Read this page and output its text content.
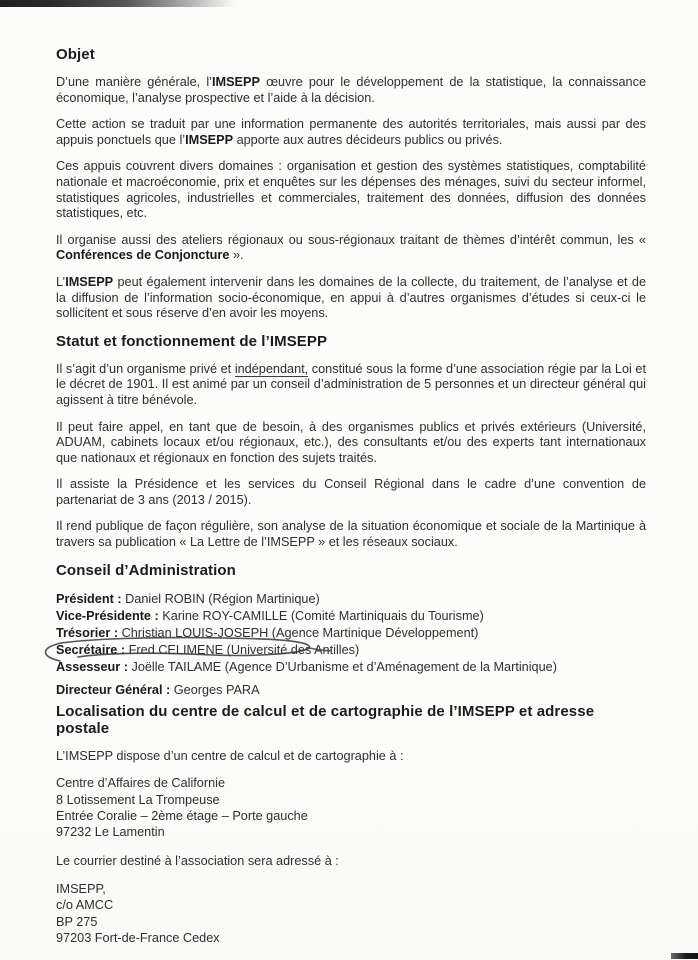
Objet

D’une manière générale, l’IMSEPP œuvre pour le développement de la statistique, la connaissance économique, l’analyse prospective et l’aide à la décision.

Cette action se traduit par une information permanente des autorités territoriales, mais aussi par des appuis ponctuels que l’IMSEPP apporte aux autres décideurs publics ou privés.

Ces appuis couvrent divers domaines : organisation et gestion des systèmes statistiques, comptabilité nationale et macroéconomie, prix et enquêtes sur les dépenses des ménages, suivi du secteur informel, statistiques agricoles, industrielles et commerciales, traitement des données, diffusion des données statistiques, etc.

Il organise aussi des ateliers régionaux ou sous-régionaux traitant de thèmes d’intérêt commun, les « Conférences de Conjoncture ».

L’IMSEPP peut également intervenir dans les domaines de la collecte, du traitement, de l’analyse et de la diffusion de l’information socio-économique, en appui à d’autres organismes d’études si ceux-ci le sollicitent et sous réserve d’en avoir les moyens.

Statut et fonctionnement de l’IMSEPP

Il s’agit d’un organisme privé et indépendant, constitué sous la forme d’une association régie par la Loi et le décret de 1901. Il est animé par un conseil d’administration de 5 personnes et un directeur général qui agissent à titre bénévole.

Il peut faire appel, en tant que de besoin, à des organismes publics et privés extérieurs (Université, ADUAM, cabinets locaux et/ou régionaux, etc.), des consultants et/ou des experts tant internationaux que nationaux et régionaux en fonction des sujets traités.

Il assiste la Présidence et les services du Conseil Régional dans le cadre d’une convention de partenariat de 3 ans (2013 / 2015).

Il rend publique de façon régulière, son analyse de la situation économique et sociale de la Martinique à travers sa publication « La Lettre de l’IMSEPP » et les réseaux sociaux.

Conseil d’Administration
Président : Daniel ROBIN (Région Martinique)
Vice-Présidente : Karine ROY-CAMILLE (Comité Martiniquais du Tourisme)
Trésorier : Christian LOUIS-JOSEPH (Agence Martinique Développement)
Secrétaire : Fred CELIMENE (Université des Antilles)
Assesseur : Joëlle TAILAME (Agence D’Urbanisme et d’Aménagement de la Martinique)
Directeur Général : Georges PARA
Localisation du centre de calcul et de cartographie de l’IMSEPP et adresse postale

L’IMSEPP dispose d’un centre de calcul et de cartographie à :

Centre d’Affaires de Californie
8 Lotissement La Trompeuse
Entrée Coralie – 2ème étage – Porte gauche
97232 Le Lamentin

Le courrier destiné à l’association sera adressé à :

IMSEPP,
c/o AMCC
BP 275
97203 Fort-de-France Cedex
